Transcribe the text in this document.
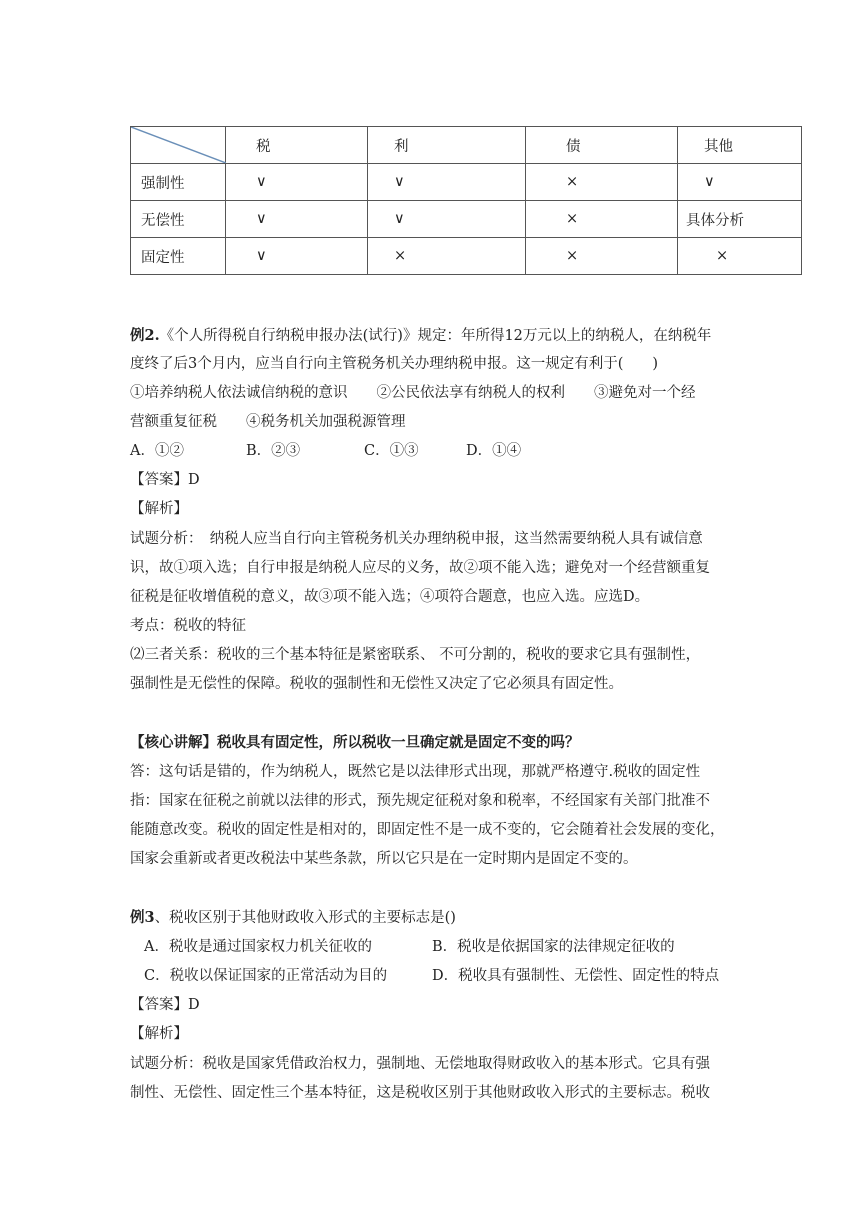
	税	利	债	其他
强制性	∨	∨	×	∨
无偿性	∨	∨	×	具体分析
固定性	∨	×	×	×
例2.《个人所得税自行纳税申报办法(试行)》规定：年所得12万元以上的纳税人，在纳税年
度终了后3个月内，应当自行向主管税务机关办理纳税申报。这一规定有利于(　　)
①培养纳税人依法诚信纳税的意识　　②公民依法享有纳税人的权利　　③避免对一个经
营额重复征税　　④税务机关加强税源管理
A．①②	B．②③	C．①③	D．①④
【答案】D
【解析】
试题分析：　纳税人应当自行向主管税务机关办理纳税申报，这当然需要纳税人具有诚信意
识，故①项入选；自行申报是纳税人应尽的义务，故②项不能入选；避免对一个经营额重复
征税是征收增值税的意义，故③项不能入选；④项符合题意，也应入选。应选D。
考点：税收的特征
⑵三者关系：税收的三个基本特征是紧密联系、 不可分割的，税收的要求它具有强制性，
强制性是无偿性的保障。税收的强制性和无偿性又决定了它必须具有固定性。
【核心讲解】税收具有固定性，所以税收一旦确定就是固定不变的吗？
答：这句话是错的，作为纳税人，既然它是以法律形式出现，那就严格遵守.税收的固定性
指：国家在征税之前就以法律的形式，预先规定征税对象和税率，不经国家有关部门批准不
能随意改变。税收的固定性是相对的，即固定性不是一成不变的，它会随着社会发展的变化，
国家会重新或者更改税法中某些条款，所以它只是在一定时期内是固定不变的。
例3、税收区别于其他财政收入形式的主要标志是()
A．税收是通过国家权力机关征收的	B．税收是依据国家的法律规定征收的
C．税收以保证国家的正常活动为目的	D．税收具有强制性、无偿性、固定性的特点
【答案】D
【解析】
试题分析：税收是国家凭借政治权力，强制地、无偿地取得财政收入的基本形式。它具有强
制性、无偿性、固定性三个基本特征，这是税收区别于其他财政收入形式的主要标志。税收
